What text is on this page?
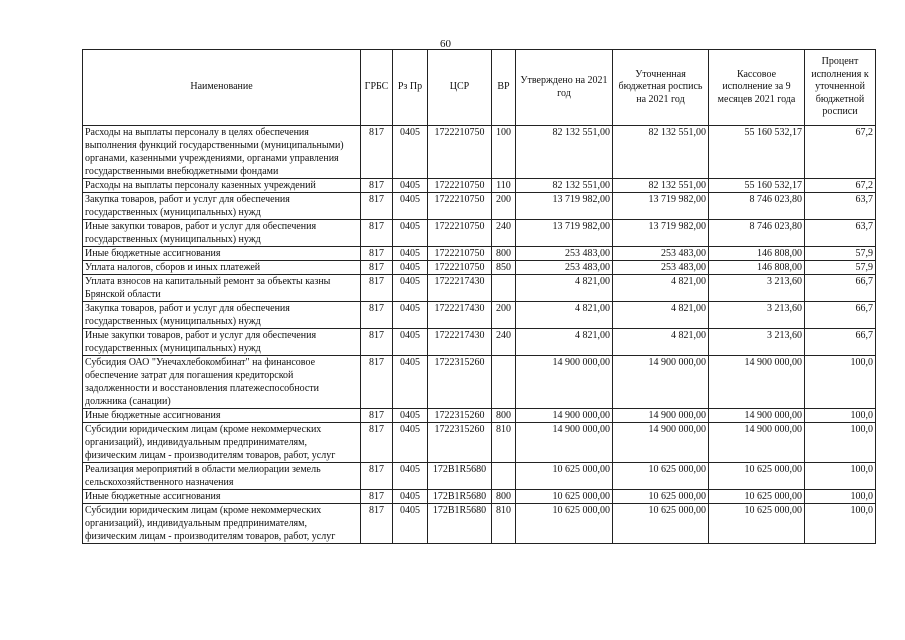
60
Наименование	ГРБС	Рз Пр	ЦСР	ВР	Утверждено на 2021 год	Уточненная бюджетная роспись на 2021 год	Кассовое исполнение за 9 месяцев 2021 года	Процент исполнения к уточненной бюджетной росписи
Расходы на выплаты персоналу в целях обеспечения выполнения функций государственными (муниципальными) органами, казенными учреждениями, органами управления государственными внебюджетными фондами	817	0405	1722210750	100	82 132 551,00	82 132 551,00	55 160 532,17	67,2
Расходы на выплаты персоналу казенных учреждений	817	0405	1722210750	110	82 132 551,00	82 132 551,00	55 160 532,17	67,2
Закупка товаров, работ и услуг для обеспечения государственных (муниципальных) нужд	817	0405	1722210750	200	13 719 982,00	13 719 982,00	8 746 023,80	63,7
Иные закупки товаров, работ и услуг для обеспечения государственных (муниципальных) нужд	817	0405	1722210750	240	13 719 982,00	13 719 982,00	8 746 023,80	63,7
Иные бюджетные ассигнования	817	0405	1722210750	800	253 483,00	253 483,00	146 808,00	57,9
Уплата налогов, сборов и иных платежей	817	0405	1722210750	850	253 483,00	253 483,00	146 808,00	57,9
Уплата взносов на капитальный ремонт за объекты казны Брянской области	817	0405	1722217430		4 821,00	4 821,00	3 213,60	66,7
Закупка товаров, работ и услуг для обеспечения государственных (муниципальных) нужд	817	0405	1722217430	200	4 821,00	4 821,00	3 213,60	66,7
Иные закупки товаров, работ и услуг для обеспечения государственных (муниципальных) нужд	817	0405	1722217430	240	4 821,00	4 821,00	3 213,60	66,7
Субсидия ОАО "Унечахлебокомбинат" на финансовое обеспечение затрат для погашения кредиторской задолженности и восстановления платежеспособности должника (санации)	817	0405	1722315260		14 900 000,00	14 900 000,00	14 900 000,00	100,0
Иные бюджетные ассигнования	817	0405	1722315260	800	14 900 000,00	14 900 000,00	14 900 000,00	100,0
Субсидии юридическим лицам (кроме некоммерческих организаций), индивидуальным предпринимателям, физическим лицам - производителям товаров, работ, услуг	817	0405	1722315260	810	14 900 000,00	14 900 000,00	14 900 000,00	100,0
Реализация мероприятий в области мелиорации земель сельскохозяйственного назначения	817	0405	172В1R5680		10 625 000,00	10 625 000,00	10 625 000,00	100,0
Иные бюджетные ассигнования	817	0405	172В1R5680	800	10 625 000,00	10 625 000,00	10 625 000,00	100,0
Субсидии юридическим лицам (кроме некоммерческих организаций), индивидуальным предпринимателям, физическим лицам - производителям товаров, работ, услуг	817	0405	172В1R5680	810	10 625 000,00	10 625 000,00	10 625 000,00	100,0
